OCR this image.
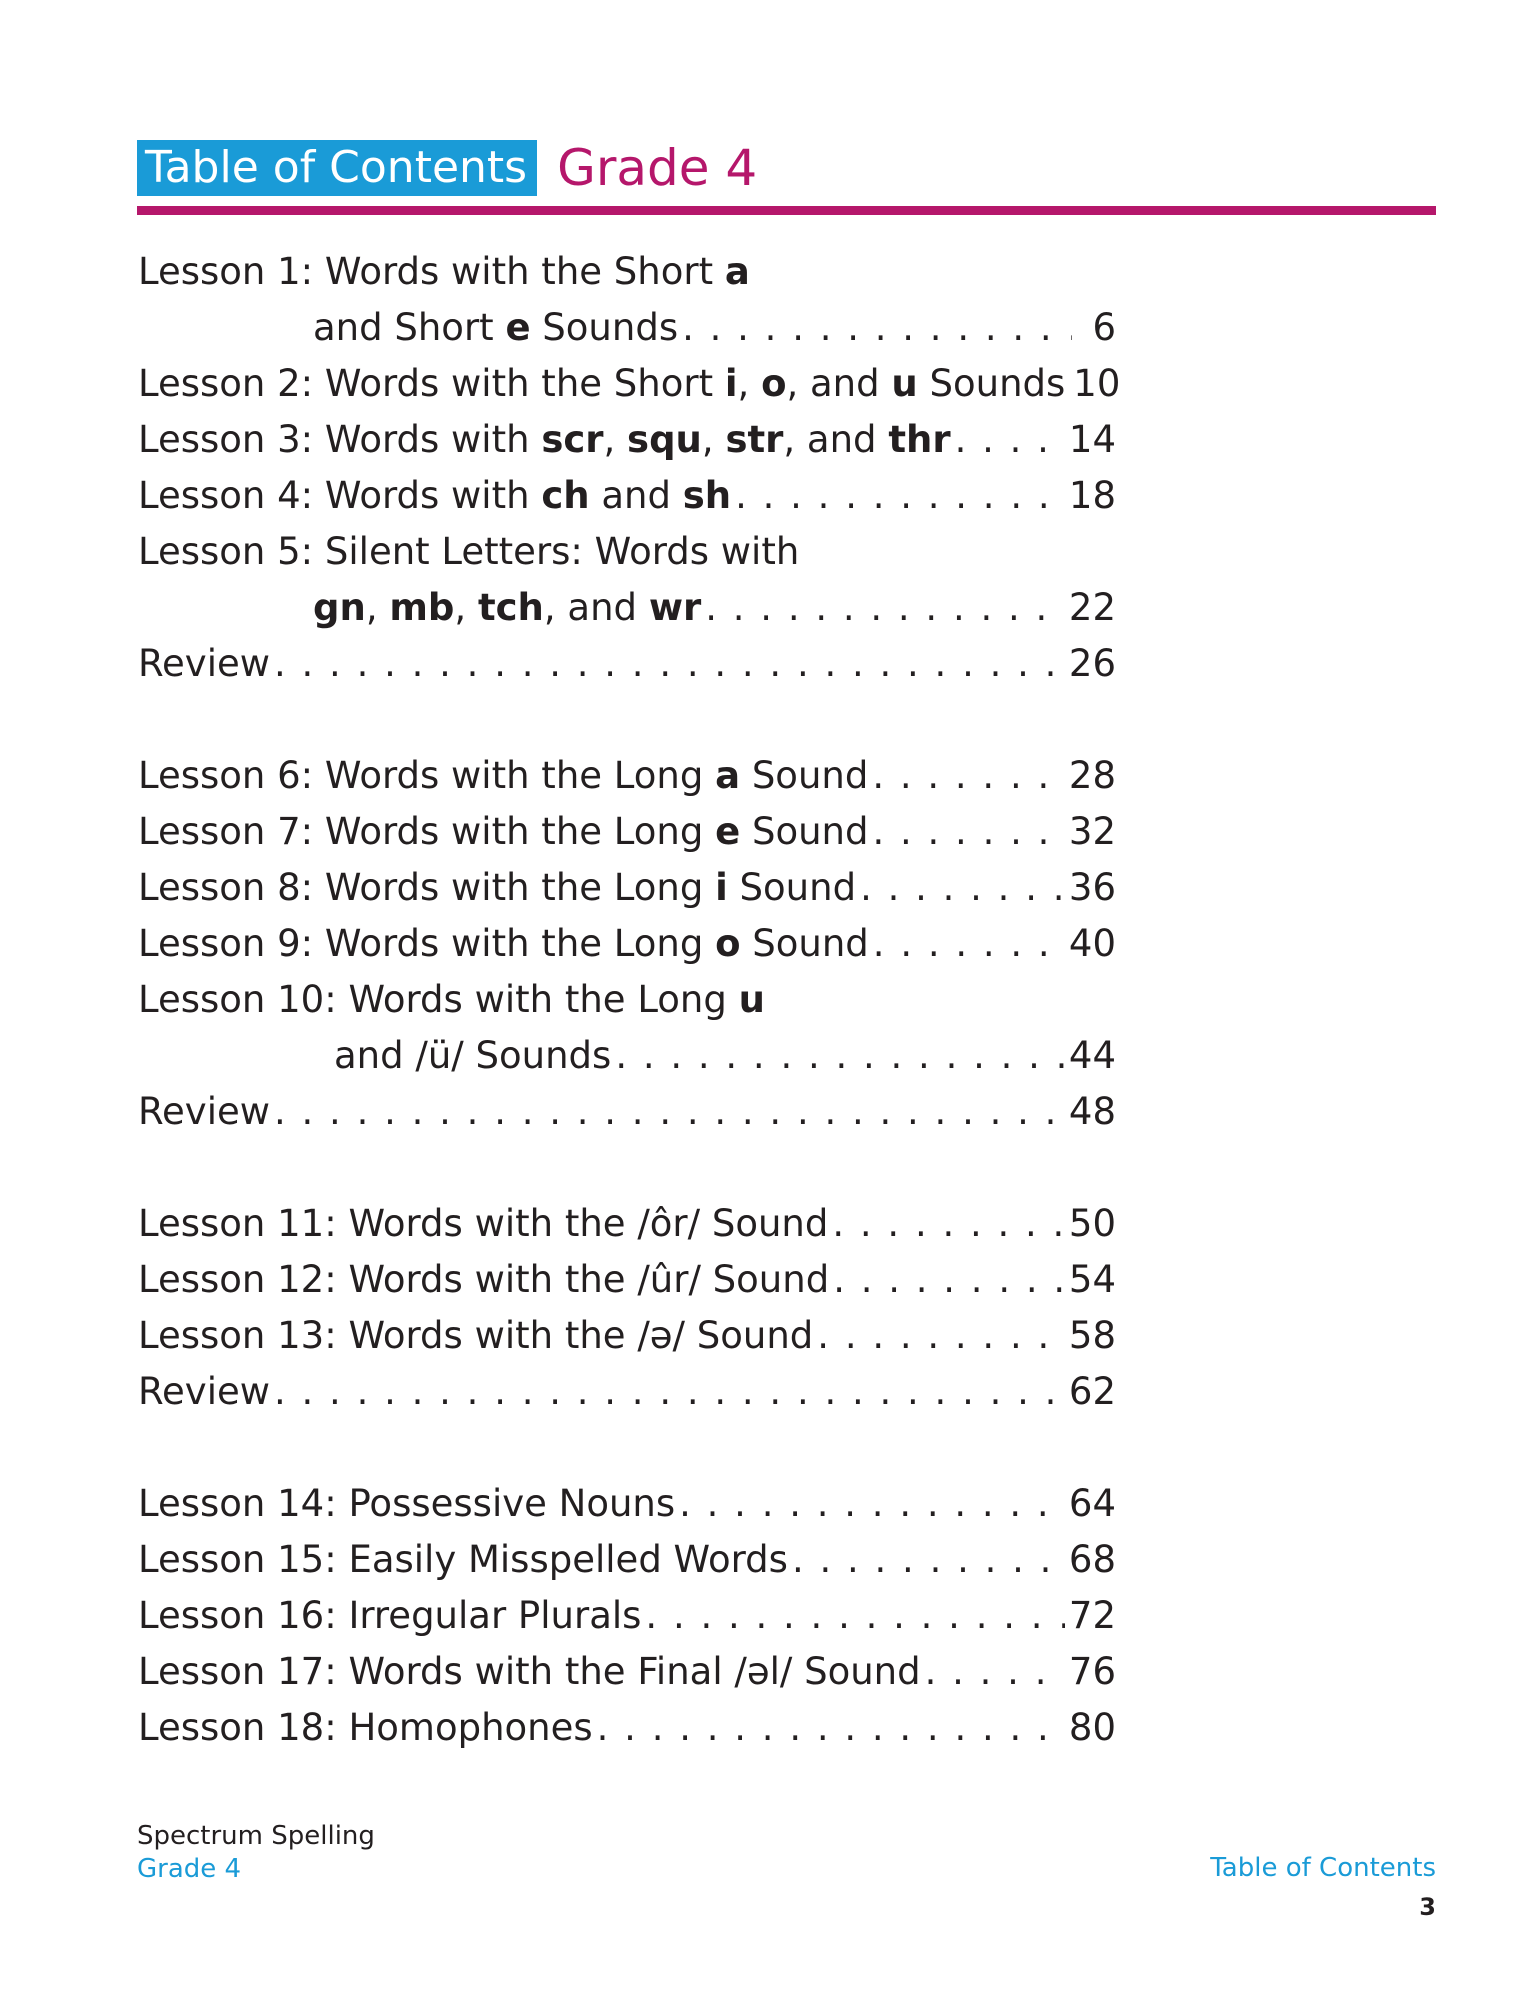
Table of Contents Grade 4
Lesson 1: Words with the Short a
and Short e Sounds . . .	6
Lesson 2: Words with the Short i, o, and u Sounds 10
Lesson 3: Words with scr, squ, str, and thr . . .	14
Lesson 4: Words with ch and sh . . .	18
Lesson 5: Silent Letters: Words with
gn, mb, tch, and wr . . .	22
Review . . .	26
Lesson 6: Words with the Long a Sound . . .	28
Lesson 7: Words with the Long e Sound . . .	32
Lesson 8: Words with the Long i Sound . . .	36
Lesson 9: Words with the Long o Sound . . .	40
Lesson 10: Words with the Long u
and /ü/ Sounds . . .	44
Review . . .	48
Lesson 11: Words with the /ôr/ Sound . . .	50
Lesson 12: Words with the /ûr/ Sound . . .	54
Lesson 13: Words with the /ə/ Sound . . .	58
Review . . .	62
Lesson 14: Possessive Nouns . . .	64
Lesson 15: Easily Misspelled Words . . .	68
Lesson 16: Irregular Plurals . . .	72
Lesson 17: Words with the Final /əl/ Sound . . .	76
Lesson 18: Homophones . . .	80
Spectrum Spelling
Grade 4	Table of Contents
3
